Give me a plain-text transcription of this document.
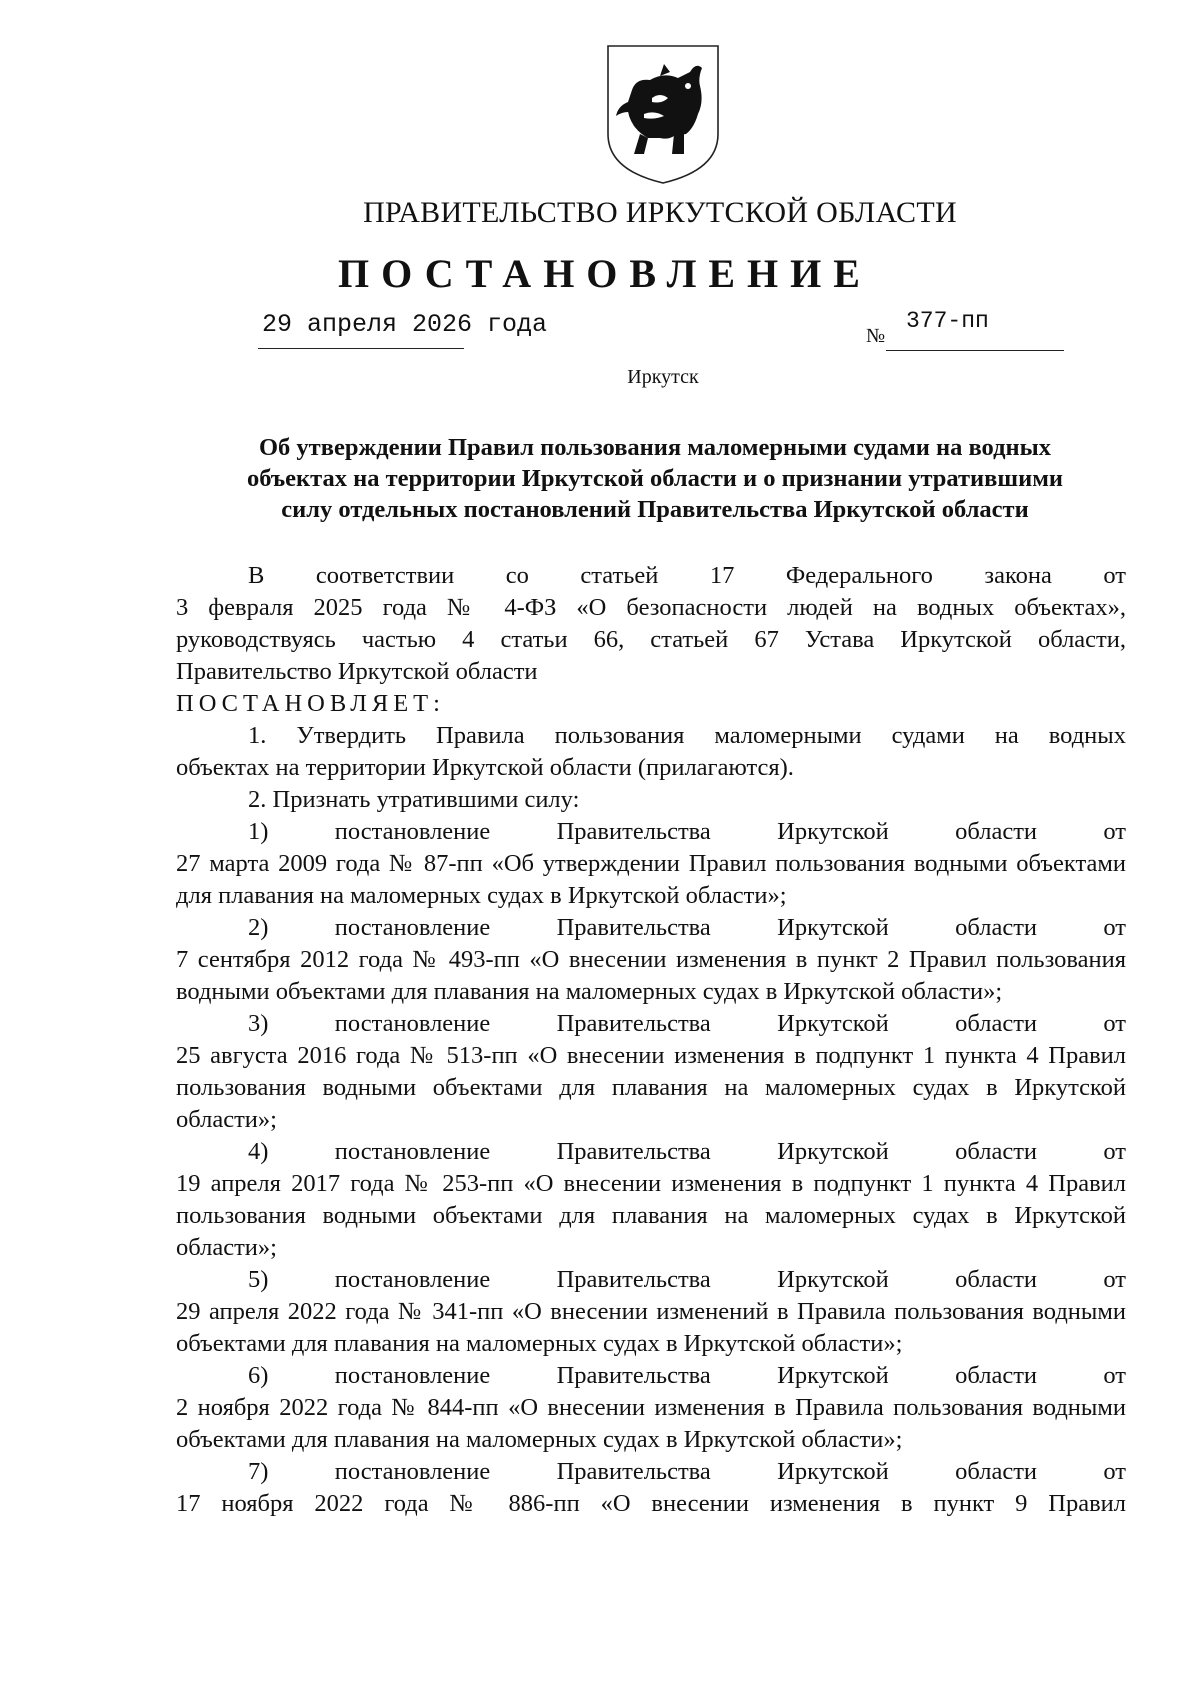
ПРАВИТЕЛЬСТВО ИРКУТСКОЙ ОБЛАСТИ
ПОСТАНОВЛЕНИЕ
29 апреля 2026 года	№
377-пп
Иркутск
Об утверждении Правил пользования маломерными судами на водных
объектах на территории Иркутской области и о признании утратившими
силу отдельных постановлений Правительства Иркутской области

В соответствии со статьей 17 Федерального закона от

3 февраля 2025 года № 4-ФЗ «О безопасности людей на водных объектах»,

руководствуясь частью 4 статьи 66, статьей 67 Устава Иркутской области,

Правительство Иркутской области

ПОСТАНОВЛЯЕТ:

1. Утвердить Правила пользования маломерными судами на водных

объектах на территории Иркутской области (прилагаются).

2. Признать утратившими силу:

1) постановление Правительства Иркутской области от

27 марта 2009 года № 87-пп «Об утверждении Правил пользования водными объектами для плавания на маломерных судах в Иркутской области»;

2) постановление Правительства Иркутской области от

7 сентября 2012 года № 493-пп «О внесении изменения в пункт 2 Правил пользования водными объектами для плавания на маломерных судах в Иркутской области»;

3) постановление Правительства Иркутской области от

25 августа 2016 года № 513-пп «О внесении изменения в подпункт 1 пункта 4 Правил пользования водными объектами для плавания на маломерных судах в Иркутской области»;

4) постановление Правительства Иркутской области от

19 апреля 2017 года № 253-пп «О внесении изменения в подпункт 1 пункта 4 Правил пользования водными объектами для плавания на маломерных судах в Иркутской области»;

5) постановление Правительства Иркутской области от

29 апреля 2022 года № 341-пп «О внесении изменений в Правила пользования водными объектами для плавания на маломерных судах в Иркутской области»;

6) постановление Правительства Иркутской области от

2 ноября 2022 года № 844-пп «О внесении изменения в Правила пользования водными объектами для плавания на маломерных судах в Иркутской области»;

7) постановление Правительства Иркутской области от

17 ноября 2022 года № 886-пп «О внесении изменения в пункт 9 Правил
